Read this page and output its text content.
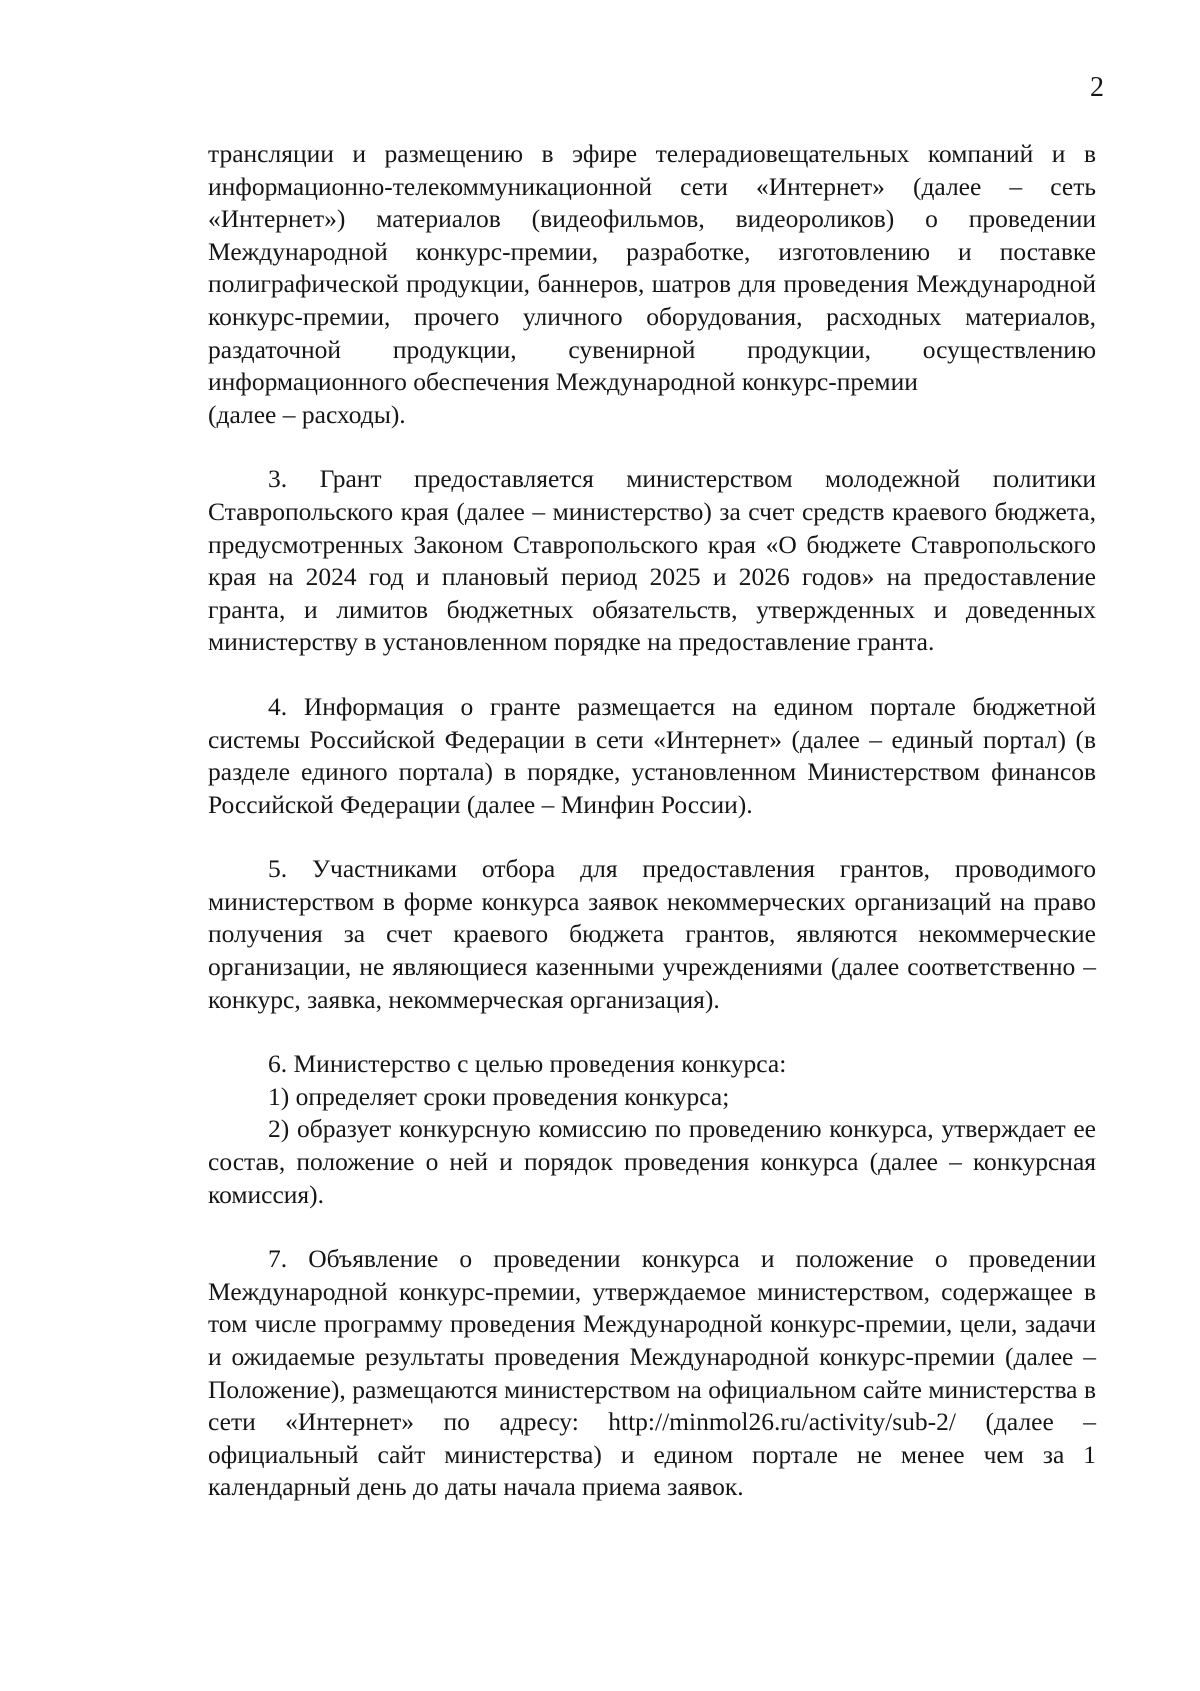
2

трансляции и размещению в эфире телерадиовещательных компаний и в информационно-телекоммуникационной сети «Интернет» (далее – сеть «Интернет») материалов (видеофильмов, видеороликов) о проведении Международной конкурс-премии, разработке, изготовлению и поставке полиграфической продукции, баннеров, шатров для проведения Международной конкурс-премии, прочего уличного оборудования, расходных материалов, раздаточной продукции, сувенирной продукции, осуществлению информационного обеспечения Международной конкурс-премии

(далее – расходы).

3. Грант предоставляется министерством молодежной политики Ставропольского края (далее – министерство) за счет средств краевого бюджета, предусмотренных Законом Ставропольского края «О бюджете Ставропольского края на 2024 год и плановый период 2025 и 2026 годов» на предоставление гранта, и лимитов бюджетных обязательств, утвержденных и доведенных министерству в установленном порядке на предоставление гранта.

4. Информация о гранте размещается на едином портале бюджетной системы Российской Федерации в сети «Интернет» (далее – единый портал) (в разделе единого портала) в порядке, установленном Министерством финансов Российской Федерации (далее – Минфин России).

5. Участниками отбора для предоставления грантов, проводимого министерством в форме конкурса заявок некоммерческих организаций на право получения за счет краевого бюджета грантов, являются некоммерческие организации, не являющиеся казенными учреждениями (далее соответственно – конкурс, заявка, некоммерческая организация).

6. Министерство с целью проведения конкурса:

1) определяет сроки проведения конкурса;

2) образует конкурсную комиссию по проведению конкурса, утверждает ее состав, положение о ней и порядок проведения конкурса (далее – конкурсная комиссия).

7. Объявление о проведении конкурса и положение о проведении Международной конкурс-премии, утверждаемое министерством, содержащее в том числе программу проведения Международной конкурс-премии, цели, задачи и ожидаемые результаты проведения Международной конкурс-премии (далее – Положение), размещаются министерством на официальном сайте министерства в сети «Интернет» по адресу: http://minmol26.ru/activity/sub-2/ (далее – официальный сайт министерства) и едином портале не менее чем за 1 календарный день до даты начала приема заявок.
